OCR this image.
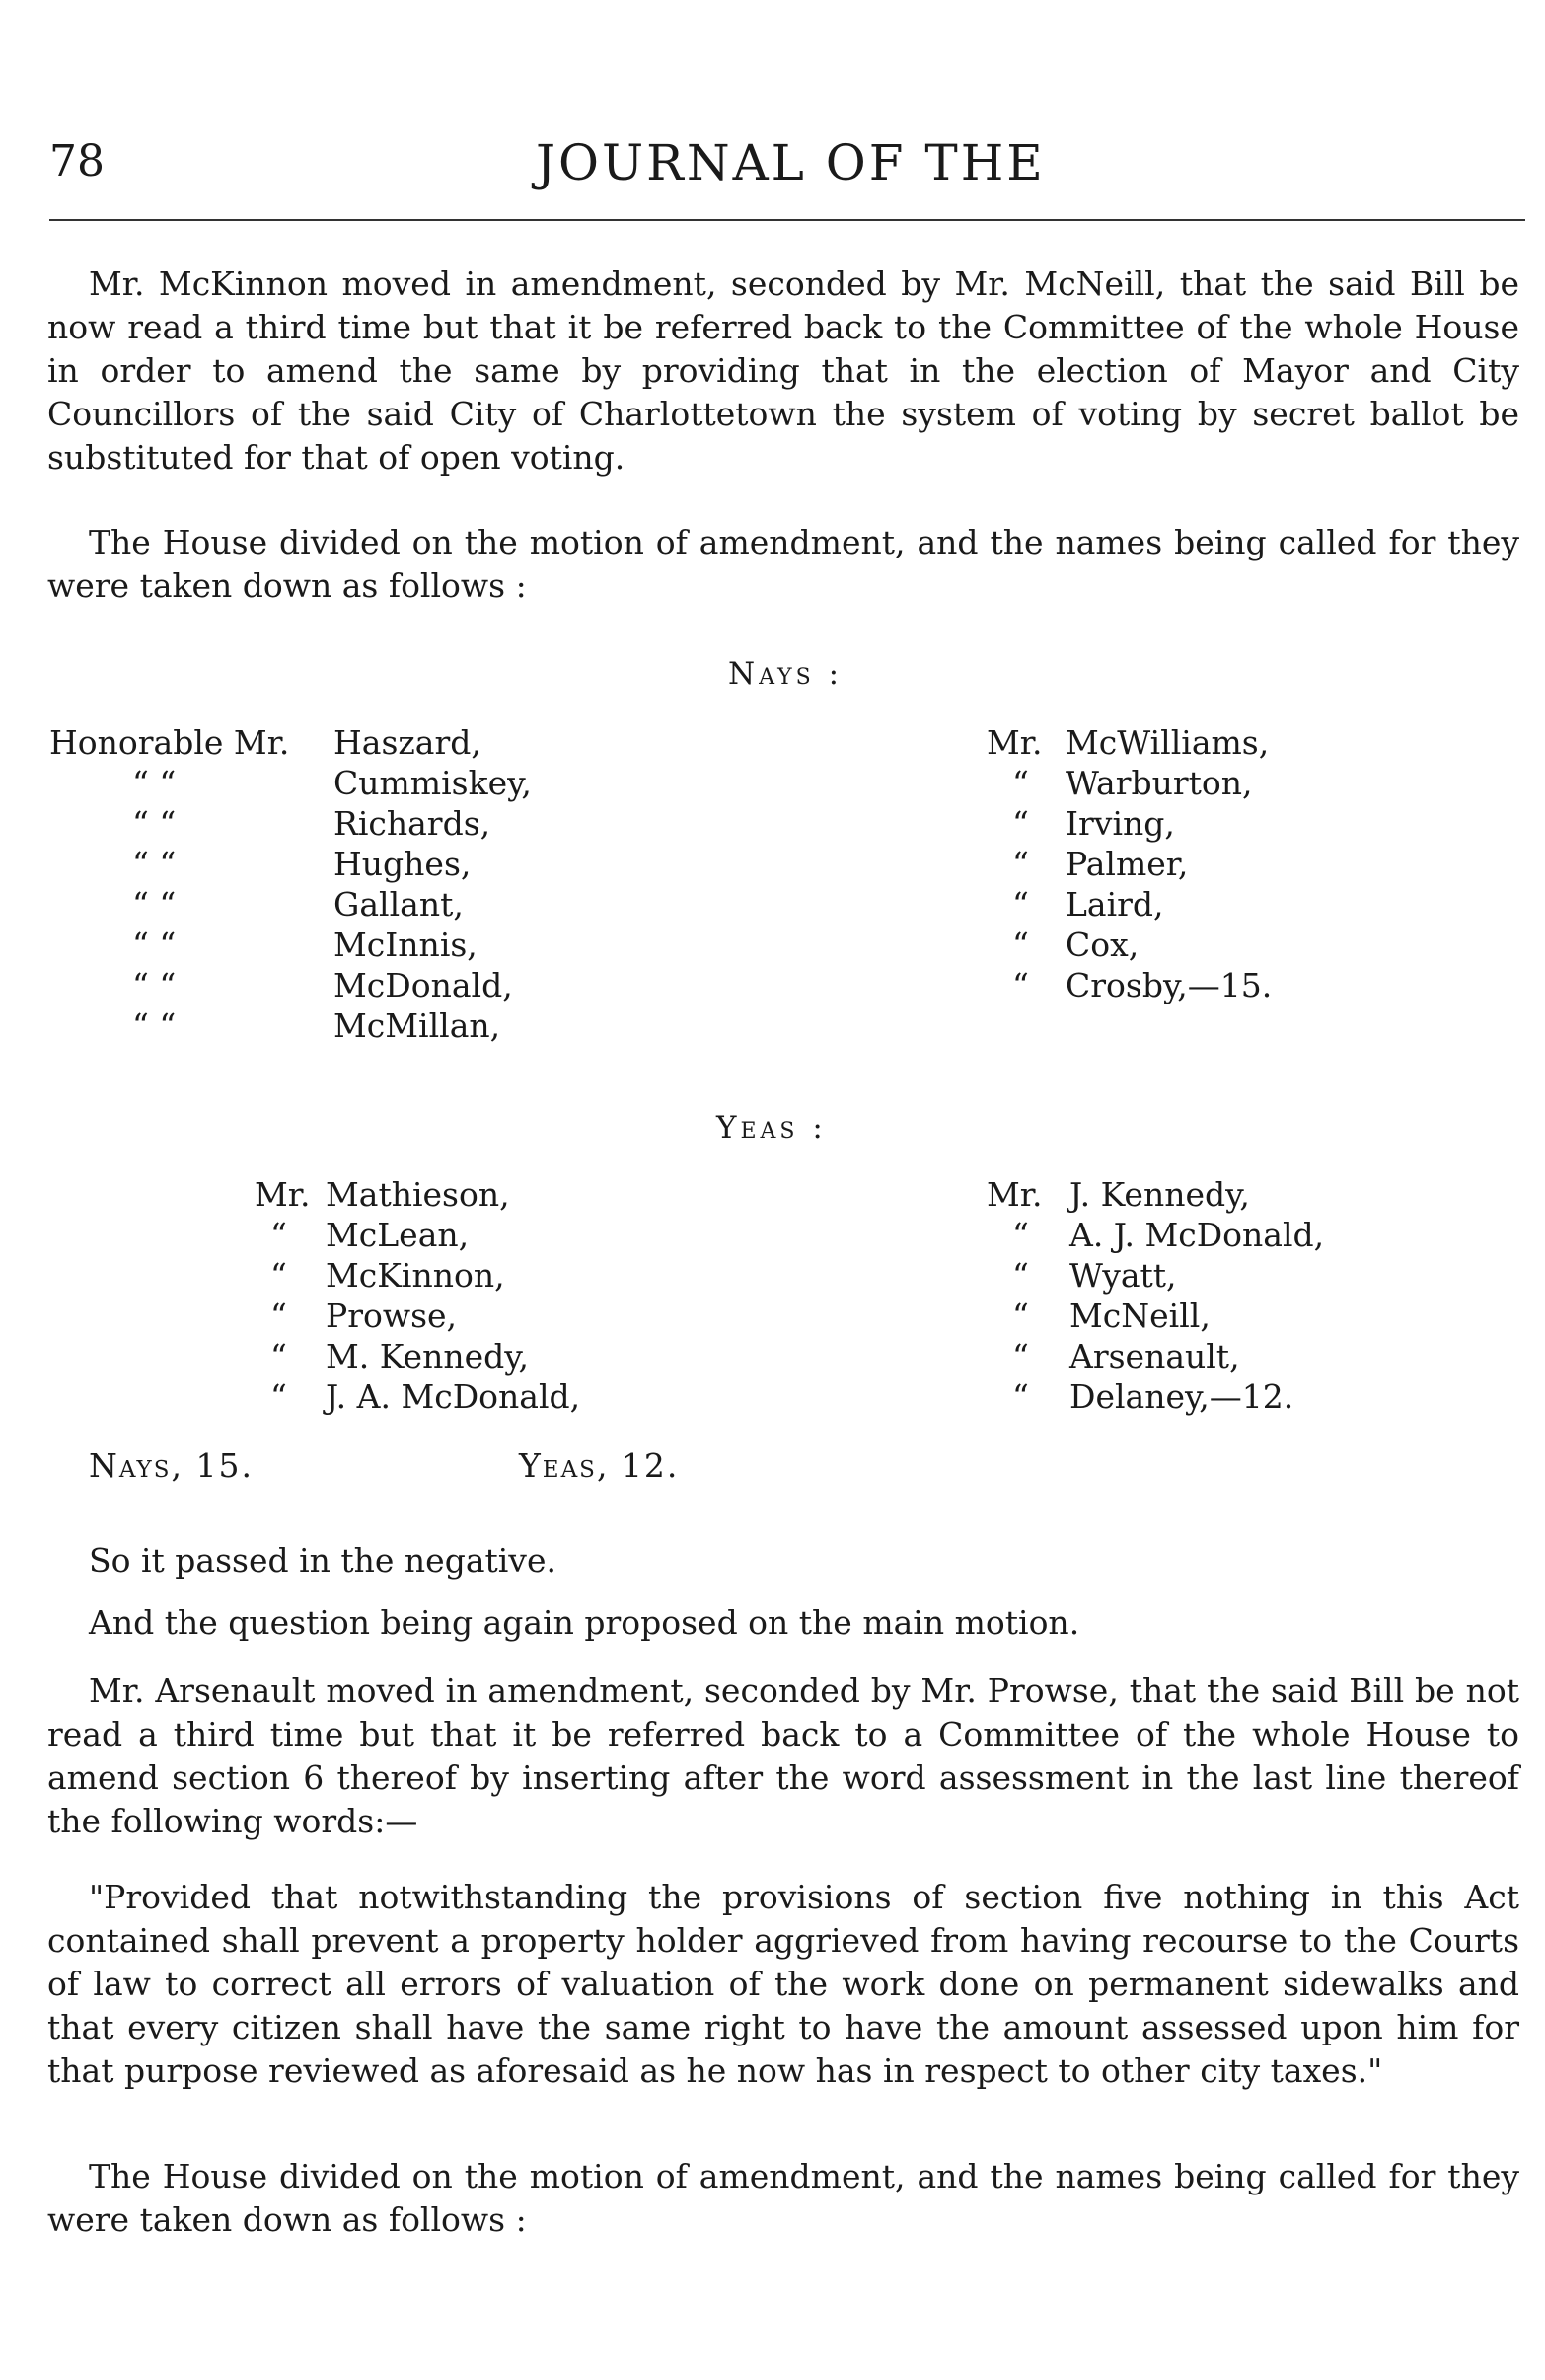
78	JOURNAL OF THE
Mr. McKinnon moved in amendment, seconded by Mr. McNeill, that the said Bill be now read a third time but that it be referred back to the Committee of the whole House in order to amend the same by providing that in the election of Mayor and City Councillors of the said City of Charlottetown the system of voting by secret ballot be substituted for that of open voting.
The House divided on the motion of amendment, and the names being called for they were taken down as follows :
Nays :
Honorable Mr. Haszard,
“ “	Cummiskey,
“ “	Richards,
“ “	Hughes,
“ “	Gallant,
“ “	McInnis,
“ “	McDonald,
“ “	McMillan,
Mr. McWilliams,
“ Warburton,
“ Irving,
“ Palmer,
“ Laird,
“ Cox,
“ Crosby,—15.
Yeas :
Mr. Mathieson,
“ McLean,
“ McKinnon,
“ Prowse,
“ M. Kennedy,
“ J. A. McDonald,
Mr. J. Kennedy,
“ A. J. McDonald,
“ Wyatt,
“ McNeill,
“ Arsenault,
“ Delaney,—12.
Nays, 15.	Yeas, 12.
So it passed in the negative.
And the question being again proposed on the main motion.
Mr. Arsenault moved in amendment, seconded by Mr. Prowse, that the said Bill be not read a third time but that it be referred back to a Committee of the whole House to amend section 6 thereof by inserting after the word assessment in the last line thereof the following words:—
"Provided that notwithstanding the provisions of section five nothing in this Act contained shall prevent a property holder aggrieved from having recourse to the Courts of law to correct all errors of valuation of the work done on permanent sidewalks and that every citizen shall have the same right to have the amount assessed upon him for that purpose reviewed as aforesaid as he now has in respect to other city taxes."
The House divided on the motion of amendment, and the names being called for they were taken down as follows :
